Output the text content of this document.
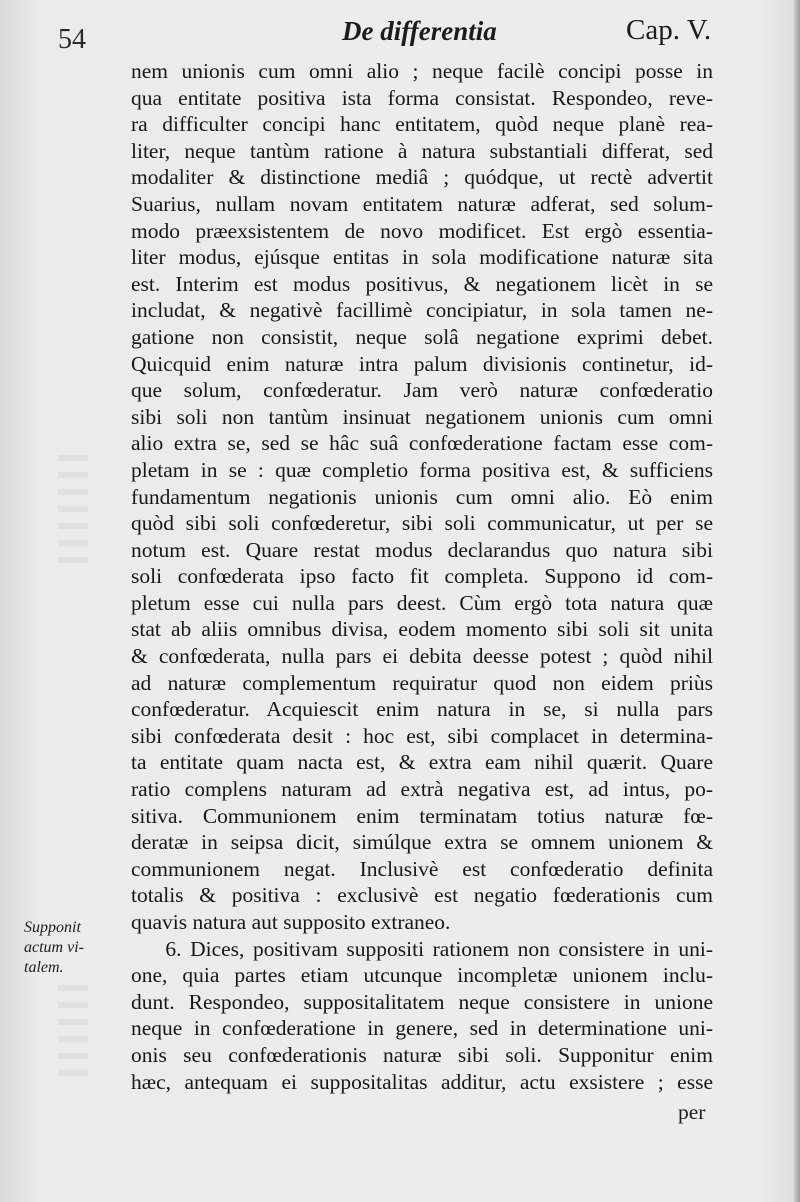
54	De differentia	Cap. V.
nem unionis cum omni alio ; neque facilè concipi posse in
qua entitate positiva ista forma consistat. Respondeo, reve-
ra difficulter concipi hanc entitatem, quòd neque planè rea-
liter, neque tantùm ratione à natura substantiali differat, sed
modaliter & distinctione mediâ ; quódque, ut rectè advertit
Suarius, nullam novam entitatem naturæ adferat, sed solum-
modo præexsistentem de novo modificet. Est ergò essentia-
liter modus, ejúsque entitas in sola modificatione naturæ sita
est. Interim est modus positivus, & negationem licèt in se
includat, & negativè facillimè concipiatur, in sola tamen ne-
gatione non consistit, neque solâ negatione exprimi debet.
Quicquid enim naturæ intra palum divisionis continetur, id-
que solum, confœderatur. Jam verò naturæ confœderatio
sibi soli non tantùm insinuat negationem unionis cum omni
alio extra se, sed se hâc suâ confœderatione factam esse com-
pletam in se : quæ completio forma positiva est, & sufficiens
fundamentum negationis unionis cum omni alio. Eò enim
quòd sibi soli confœderetur, sibi soli communicatur, ut per se
notum est. Quare restat modus declarandus quo natura sibi
soli confœderata ipso facto fit completa. Suppono id com-
pletum esse cui nulla pars deest. Cùm ergò tota natura quæ
stat ab aliis omnibus divisa, eodem momento sibi soli sit unita
& confœderata, nulla pars ei debita deesse potest ; quòd nihil
ad naturæ complementum requiratur quod non eidem priùs
confœderatur. Acquiescit enim natura in se, si nulla pars
sibi confœderata desit : hoc est, sibi complacet in determina-
ta entitate quam nacta est, & extra eam nihil quærit. Quare
ratio complens naturam ad extrà negativa est, ad intus, po-
sitiva. Communionem enim terminatam totius naturæ fœ-
deratæ in seipsa dicit, simúlque extra se omnem unionem &
communionem negat. Inclusivè est confœderatio definita
totalis & positiva : exclusivè est negatio fœderationis cum
quavis natura aut supposito extraneo.
6. Dices, positivam suppositi rationem non consistere in uni-
one, quia partes etiam utcunque incompletæ unionem inclu-
dunt. Respondeo, suppositalitatem neque consistere in unione
neque in confœderatione in genere, sed in determinatione uni-
onis seu confœderationis naturæ sibi soli. Supponitur enim
hæc, antequam ei suppositalitas additur, actu exsistere ; esse
Supponit
actum vi-
talem.
per
